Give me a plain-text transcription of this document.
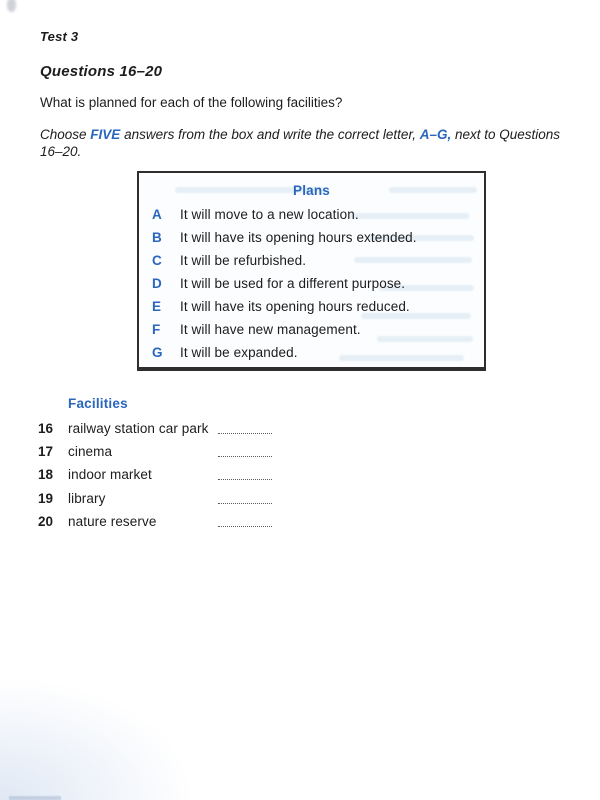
Test 3
Questions 16–20
What is planned for each of the following facilities?
Choose FIVE answers from the box and write the correct letter, A–G, next to Questions
16–20.
Plans
A	It will move to a new location.
B	It will have its opening hours extended.
C	It will be refurbished.
D	It will be used for a different purpose.
E	It will have its opening hours reduced.
F	It will have new management.
G	It will be expanded.
Facilities
16 railway station car park
17 cinema
18 indoor market
19 library
20 nature reserve
